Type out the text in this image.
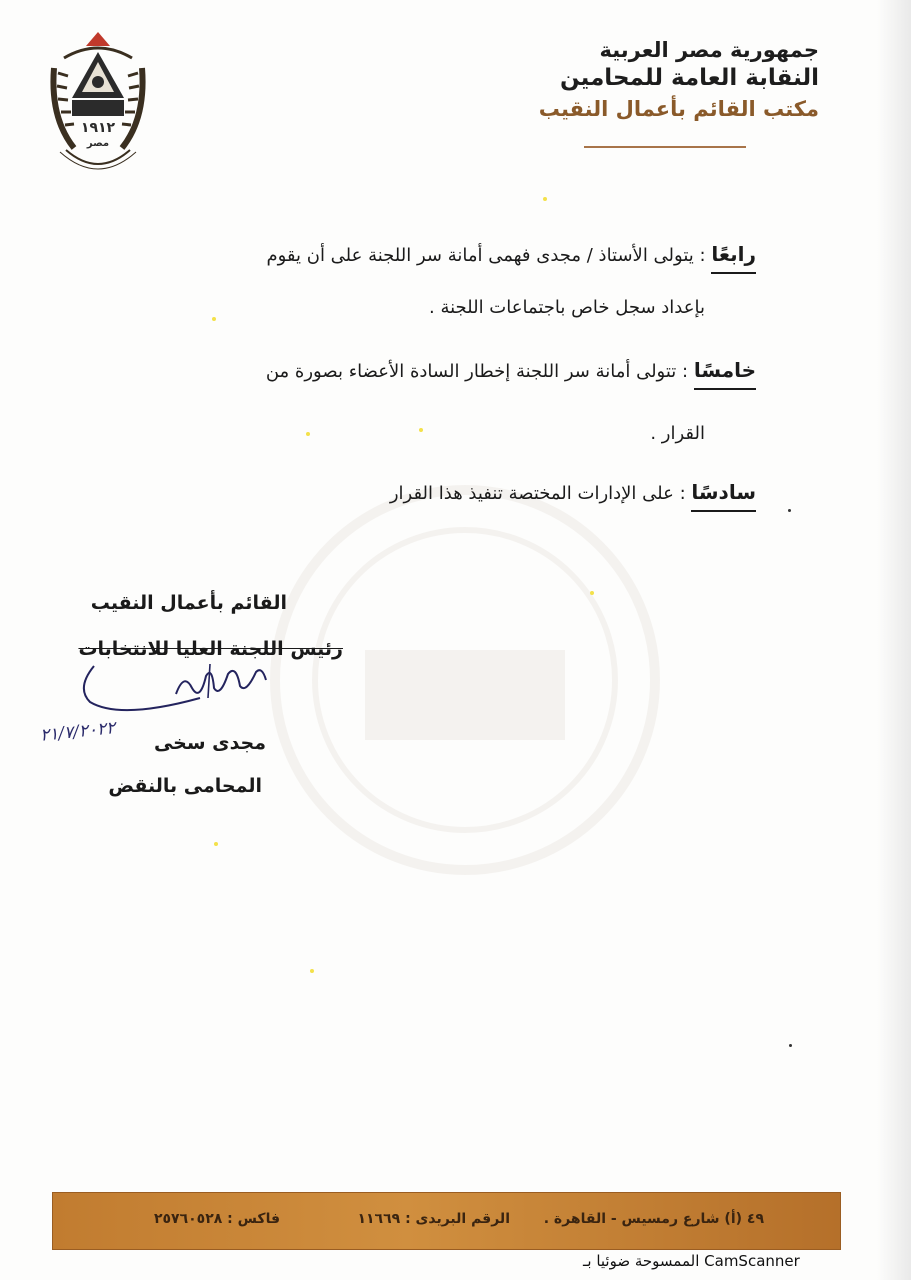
١٩١٢
مصر
جمهورية مصر العربية
النقابة العامة للمحامين
مكتب القائم بأعمال النقيب
رابعًا : يتولى الأستاذ / مجدى فهمى أمانة سر اللجنة على أن يقوم
بإعداد سجل خاص باجتماعات اللجنة .
خامسًا : تتولى أمانة سر اللجنة إخطار السادة الأعضاء بصورة من
القرار .
سادسًا : على الإدارات المختصة تنفيذ هذا القرار
القائم بأعمال النقيب
رئيس اللجنة العليا للانتخابات
٢١/٧/٢٠٢٢ مجدى سخى
المحامى بالنقض
٤٩ (أ) شارع رمسيس - القاهرة .
الرقم البريدى : ١١٦٦٩
فاكس : ٢٥٧٦٠٥٢٨
الممسوحة ضوئيا بـ CamScanner
